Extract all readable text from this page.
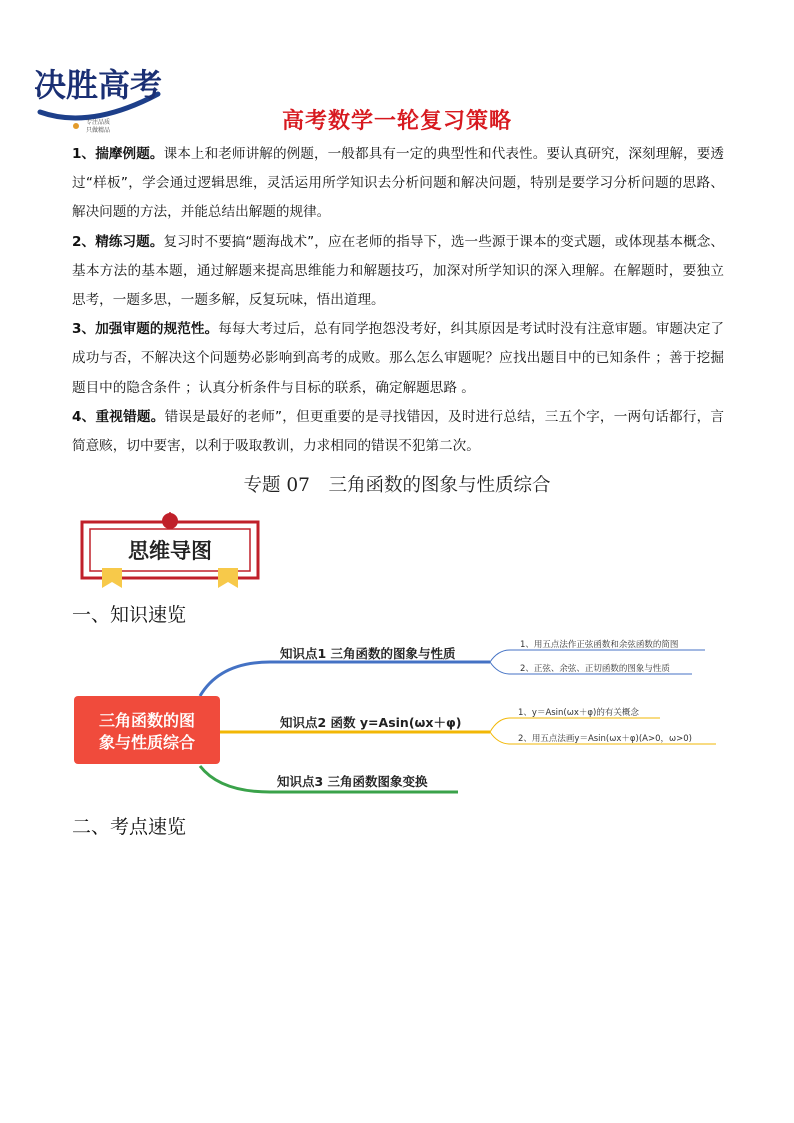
决胜高考
专注品质
只做精品	高考数学一轮复习策略

1、揣摩例题。课本上和老师讲解的例题，一般都具有一定的典型性和代表性。要认真研究，深刻理解，要透过“样板”，学会通过逻辑思维，灵活运用所学知识去分析问题和解决问题，特别是要学习分析问题的思路、解决问题的方法，并能总结出解题的规律。

2、精练习题。复习时不要搞“题海战术”，应在老师的指导下，选一些源于课本的变式题，或体现基本概念、基本方法的基本题，通过解题来提高思维能力和解题技巧，加深对所学知识的深入理解。在解题时，要独立思考，一题多思，一题多解，反复玩味，悟出道理。

3、加强审题的规范性。每每大考过后，总有同学抱怨没考好，纠其原因是考试时没有注意审题。审题决定了成功与否，不解决这个问题势必影响到高考的成败。那么怎么审题呢？应找出题目中的已知条件 ；善于挖掘题目中的隐含条件 ；认真分析条件与目标的联系，确定解题思路 。

4、重视错题。错误是最好的老师”，但更重要的是寻找错因，及时进行总结，三五个字，一两句话都行，言简意赅，切中要害，以利于吸取教训，力求相同的错误不犯第二次。

专题 07　三角函数的图象与性质综合
思维导图
一、知识速览
三角函数的图
象与性质综合
知识点1 三角函数的图象与性质
知识点2 函数 y=Asin(ωx＋φ)
知识点3 三角函数图象变换
1、用五点法作正弦函数和余弦函数的简图
2、正弦、余弦、正切函数的图象与性质
1、y＝Asin(ωx＋φ)的有关概念
2、用五点法画y＝Asin(ωx＋φ)(A>0，ω>0)
二、考点速览
